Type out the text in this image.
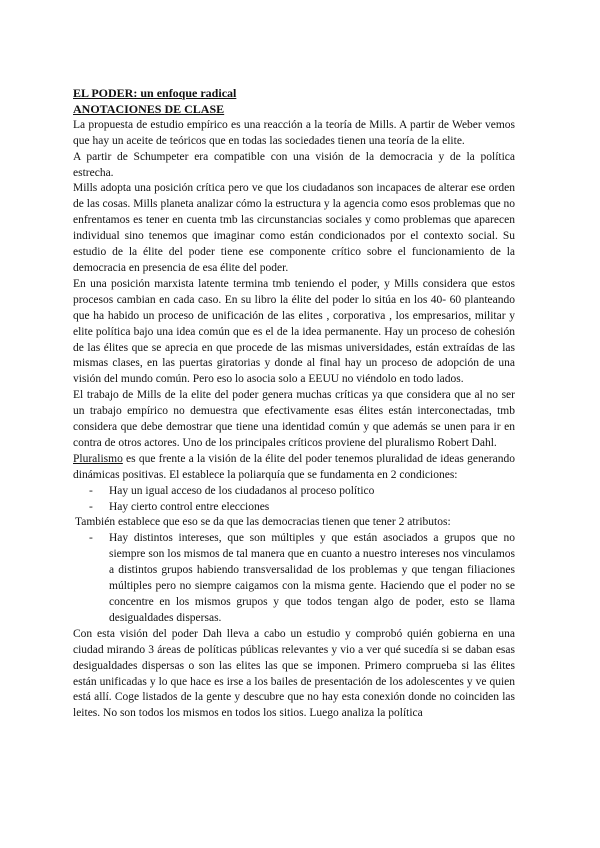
EL PODER: un enfoque radical
ANOTACIONES DE CLASE

La propuesta de estudio empírico es una reacción a la teoría de Mills. A partir de Weber vemos que hay un aceite de teóricos que en todas las sociedades tienen una teoría de la elite.

A partir de Schumpeter era compatible con una visión de la democracia y de la política estrecha.

Mills adopta una posición crítica pero ve que los ciudadanos son incapaces de alterar ese orden de las cosas. Mills planeta analizar cómo la estructura y la agencia como esos problemas que no enfrentamos es tener en cuenta tmb las circunstancias sociales y como problemas que aparecen individual sino tenemos que imaginar como están condicionados por el contexto social. Su estudio de la élite del poder tiene ese componente crítico sobre el funcionamiento de la democracia en presencia de esa élite del poder.

En una posición marxista latente termina tmb teniendo el poder, y Mills considera que estos procesos cambian en cada caso. En su libro la élite del poder lo sitúa en los 40- 60 planteando que ha habido un proceso de unificación de las elites , corporativa , los empresarios, militar y elite política bajo una idea común que es el de la idea permanente. Hay un proceso de cohesión de las élites que se aprecia en que procede de las mismas universidades, están extraídas de las mismas clases, en las puertas giratorias y donde al final hay un proceso de adopción de una visión del mundo común. Pero eso lo asocia solo a EEUU no viéndolo en todo lados.

El trabajo de Mills de la elite del poder genera muchas críticas ya que considera que al no ser un trabajo empírico no demuestra que efectivamente esas élites están interconectadas, tmb considera que debe demostrar que tiene una identidad común y que además se unen para ir en contra de otros actores. Uno de los principales críticos proviene del pluralismo Robert Dahl.

Pluralismo es que frente a la visión de la élite del poder tenemos pluralidad de ideas generando dinámicas positivas. El establece la poliarquía que se fundamenta en 2 condiciones:

- Hay un igual acceso de los ciudadanos al proceso político
- Hay cierto control entre elecciones

También establece que eso se da que las democracias tienen que tener 2 atributos:

- Hay distintos intereses, que son múltiples y que están asociados a grupos que no siempre son los mismos de tal manera que en cuanto a nuestro intereses nos vinculamos a distintos grupos habiendo transversalidad de los problemas y que tengan filiaciones múltiples pero no siempre caigamos con la misma gente. Haciendo que el poder no se concentre en los mismos grupos y que todos tengan algo de poder, esto se llama desigualdades dispersas.

Con esta visión del poder Dah lleva a cabo un estudio y comprobó quién gobierna en una ciudad mirando 3 áreas de políticas públicas relevantes y vio a ver qué sucedía si se daban esas desigualdades dispersas o son las elites las que se imponen. Primero comprueba si las élites están unificadas y lo que hace es irse a los bailes de presentación de los adolescentes y ve quien está allí. Coge listados de la gente y descubre que no hay esta conexión donde no coinciden las leites. No son todos los mismos en todos los sitios. Luego analiza la política
